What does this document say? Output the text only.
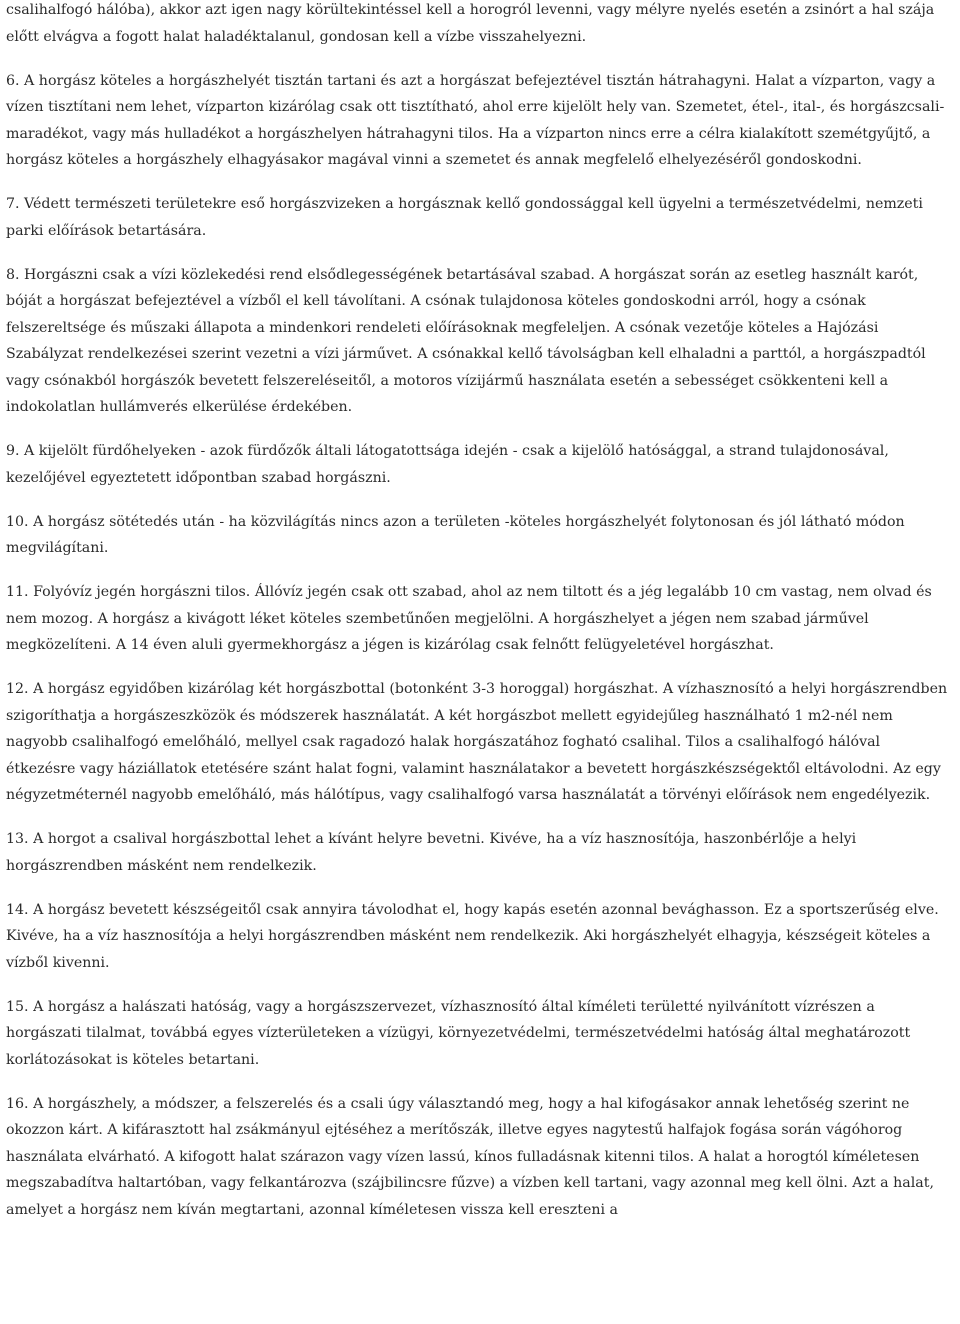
csalihalfogó hálóba), akkor azt igen nagy körültekintéssel kell a horogról levenni, vagy mélyre nyelés esetén a zsinórt a hal szája előtt elvágva a fogott halat haladéktalanul, gondosan kell a vízbe visszahelyezni.

6. A horgász köteles a horgászhelyét tisztán tartani és azt a horgászat befejeztével tisztán hátrahagyni. Halat a vízparton, vagy a vízen tisztítani nem lehet, vízparton kizárólag csak ott tisztítható, ahol erre kijelölt hely van. Szemetet, étel-, ital-, és horgászcsali-maradékot, vagy más hulladékot a horgászhelyen hátrahagyni tilos. Ha a vízparton nincs erre a célra kialakított szemétgyűjtő, a horgász köteles a horgászhely elhagyásakor magával vinni a szemetet és annak megfelelő elhelyezéséről gondoskodni.

7. Védett természeti területekre eső horgászvizeken a horgásznak kellő gondossággal kell ügyelni a természetvédelmi, nemzeti parki előírások betartására.

8. Horgászni csak a vízi közlekedési rend elsődlegességének betartásával szabad. A horgászat során az esetleg használt karót, bóját a horgászat befejeztével a vízből el kell távolítani. A csónak tulajdonosa köteles gondoskodni arról, hogy a csónak felszereltsége és műszaki állapota a mindenkori rendeleti előírásoknak megfeleljen. A csónak vezetője köteles a Hajózási Szabályzat rendelkezései szerint vezetni a vízi járművet. A csónakkal kellő távolságban kell elhaladni a parttól, a horgászpadtól vagy csónakból horgászók bevetett felszereléseitől, a motoros vízijármű használata esetén a sebességet csökkenteni kell a indokolatlan hullámverés elkerülése érdekében.

9. A kijelölt fürdőhelyeken - azok fürdőzők általi látogatottsága idején - csak a kijelölő hatósággal, a strand tulajdonosával, kezelőjével egyeztetett időpontban szabad horgászni.

10. A horgász sötétedés után - ha közvilágítás nincs azon a területen -köteles horgászhelyét folytonosan és jól látható módon megvilágítani.

11. Folyóvíz jegén horgászni tilos. Állóvíz jegén csak ott szabad, ahol az nem tiltott és a jég legalább 10 cm vastag, nem olvad és nem mozog. A horgász a kivágott léket köteles szembetűnően megjelölni. A horgászhelyet a jégen nem szabad járművel megközelíteni. A 14 éven aluli gyermekhorgász a jégen is kizárólag csak felnőtt felügyeletével horgászhat.

12. A horgász egyidőben kizárólag két horgászbottal (botonként 3-3 horoggal) horgászhat. A vízhasznosító a helyi horgászrendben szigoríthatja a horgászeszközök és módszerek használatát. A két horgászbot mellett egyidejűleg használható 1 m2-nél nem nagyobb csalihalfogó emelőháló, mellyel csak ragadozó halak horgászatához fogható csalihal. Tilos a csalihalfogó hálóval étkezésre vagy háziállatok etetésére szánt halat fogni, valamint használatakor a bevetett horgászkészségektől eltávolodni. Az egy négyzetméternél nagyobb emelőháló, más hálótípus, vagy csalihalfogó varsa használatát a törvényi előírások nem engedélyezik.

13. A horgot a csalival horgászbottal lehet a kívánt helyre bevetni. Kivéve, ha a víz hasznosítója, haszonbérlője a helyi horgászrendben másként nem rendelkezik.

14. A horgász bevetett készségeitől csak annyira távolodhat el, hogy kapás esetén azonnal bevághasson. Ez a sportszerűség elve. Kivéve, ha a víz hasznosítója a helyi horgászrendben másként nem rendelkezik. Aki horgászhelyét elhagyja, készségeit köteles a vízből kivenni.

15. A horgász a halászati hatóság, vagy a horgászszervezet, vízhasznosító által kíméleti területté nyilvánított vízrészen a horgászati tilalmat, továbbá egyes vízterületeken a vízügyi, környezetvédelmi, természetvédelmi hatóság által meghatározott korlátozásokat is köteles betartani.

16. A horgászhely, a módszer, a felszerelés és a csali úgy választandó meg, hogy a hal kifogásakor annak lehetőség szerint ne okozzon kárt. A kifárasztott hal zsákmányul ejtéséhez a merítőszák, illetve egyes nagytestű halfajok fogása során vágóhorog használata elvárható. A kifogott halat szárazon vagy vízen lassú, kínos fulladásnak kitenni tilos. A halat a horogtól kíméletesen megszabadítva haltartóban, vagy felkantározva (szájbilincsre fűzve) a vízben kell tartani, vagy azonnal meg kell ölni. Azt a halat, amelyet a horgász nem kíván megtartani, azonnal kíméletesen vissza kell ereszteni a
